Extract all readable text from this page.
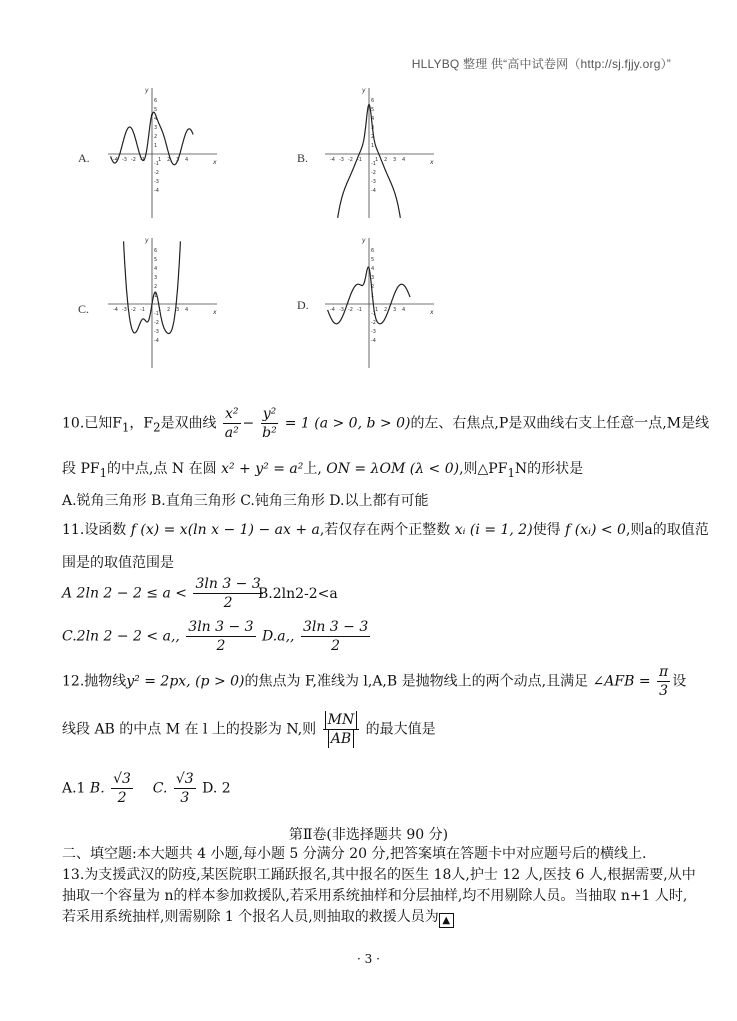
HLLYBQ 整理 供“高中试卷网（http://sj.fjjy.org）”
A.	B.
C.	D.
x
y
-4 -3 -2 -1	1 2 3 4
6
5
4
3
2
1
-1
-2
-3
-4
x
y
-4 -3 -2 -1	1 2 3 4
6
5
4
3
2
1
-1
-2
-3
-4
x
y
-4 -3 -2 -1	1 2 3 4
6
5
4
3
2
1
-1
-2
-3
-4
x
y
-4 -3 -2 -1	1 2 3 4
6
5
4
3
2
1
-1
-2
-3
-4
10.已知$F_1$，$F_2$是双曲线 $\frac{\text{x²}}{\text{a²}} - \frac{\text{y²}}{\text{b²}} = 1$ (a > 0, b > 0)的左、右焦点,P是双曲线右支上任意一点,M是线
段 $PF_1$的中点,点 N 在圆 x² + y² = a²上, ON = λOM (λ < 0),则$\triangle PF_1N$的形状是
A.锐角三角形 B.直角三角形 C.钝角三角形 D.以上都有可能
11.设函数 f (x) = x(ln x − 1) − ax + a,若仅存在两个正整数 xᵢ (i = 1, 2)使得 f (xᵢ) < 0,则a的取值范
围是的取值范围是
A 2ln $2 - 2 \le a < \frac{3\ln 3 - 3}{2}$
B.2ln2-2<a
C.2ln 2 − 2 < a,, $\frac{3\ln 3 - 3}{2} D.a$,, $\frac{3\ln 3 - 3}{2}$
12.抛物线y² = 2px, (p > 0)的焦点为 F,准线为 l,A,B 是抛物线上的两个动点,且满足 ∠AFB = $\frac{\pi}{3}$ 设
线段 AB 的中点 M 在 l 上的投影为 N,则 $\frac{MN}{AB}$ 的最大值是
A.1 B. $\frac{√3}{2} C$. $\frac{√3}{3} D$. 2
第Ⅱ卷(非选择题共 90 分)
二、填空题:本大题共 4 小题,每小题 5 分满分 20 分,把答案填在答题卡中对应题号后的横线上.
13.为支援武汉的防疫,某医院职工踊跃报名,其中报名的医生 18人,护士 12 人,医技 6 人,根据需要,从中
抽取一个容量为 n的样本参加救援队,若采用系统抽样和分层抽样,均不用剔除人员。当抽取 n+1 人时,
若采用系统抽样,则需剔除 1 个报名人员,则抽取的救援人员为 ▲
· 3 ·
